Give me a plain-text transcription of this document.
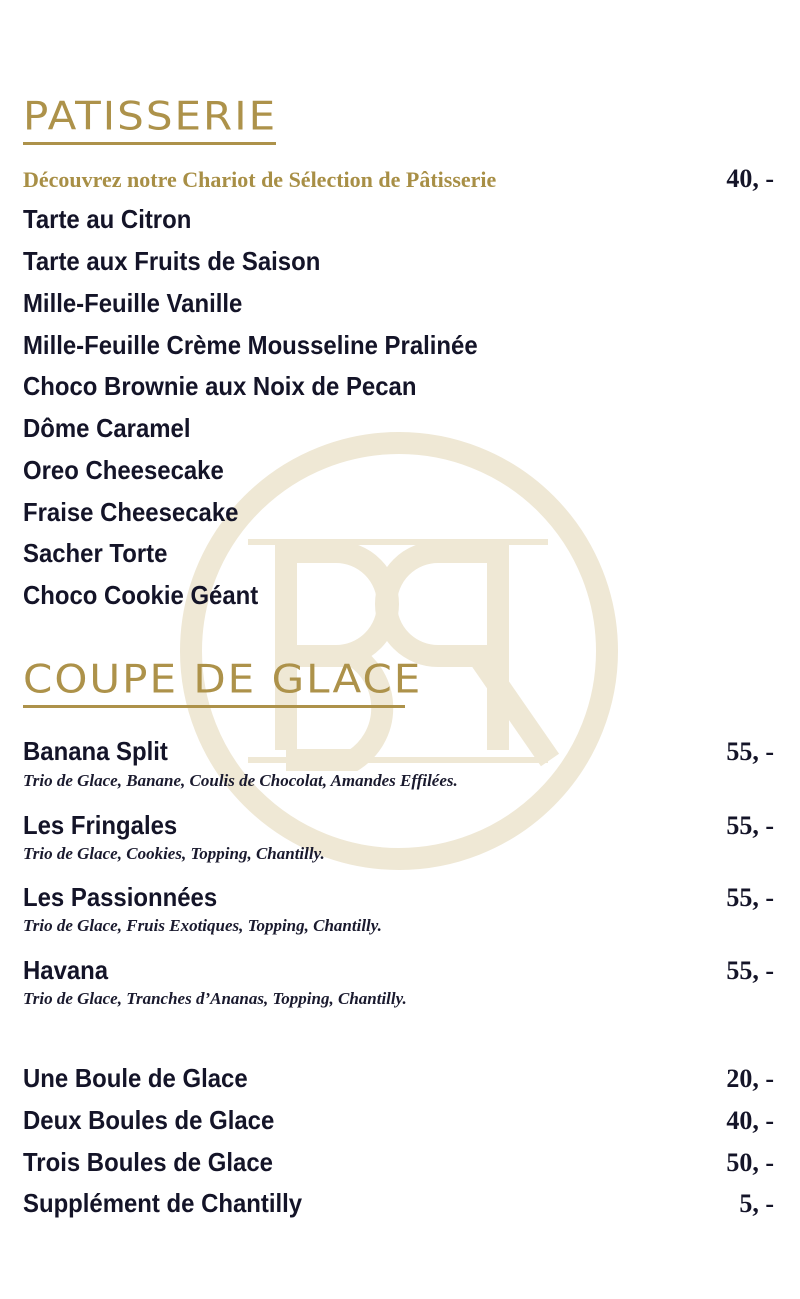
PATISSERIE
Découvrez notre Chariot de Sélection de Pâtisserie	40, -
Tarte au Citron
Tarte aux Fruits de Saison
Mille-Feuille Vanille
Mille-Feuille Crème Mousseline Pralinée
Choco Brownie aux Noix de Pecan
Dôme Caramel
Oreo Cheesecake
Fraise Cheesecake
Sacher Torte
Choco Cookie Géant
COUPE DE GLACE
Banana Split	55, -
Trio de Glace, Banane, Coulis de Chocolat, Amandes Effilées.
Les Fringales	55, -
Trio de Glace, Cookies, Topping, Chantilly.
Les Passionnées	55, -
Trio de Glace, Fruis Exotiques, Topping, Chantilly.
Havana	55, -
Trio de Glace, Tranches d’Ananas, Topping, Chantilly.
Une Boule de Glace	20, -
Deux Boules de Glace	40, -
Trois Boules de Glace	50, -
Supplément de Chantilly	5, -
